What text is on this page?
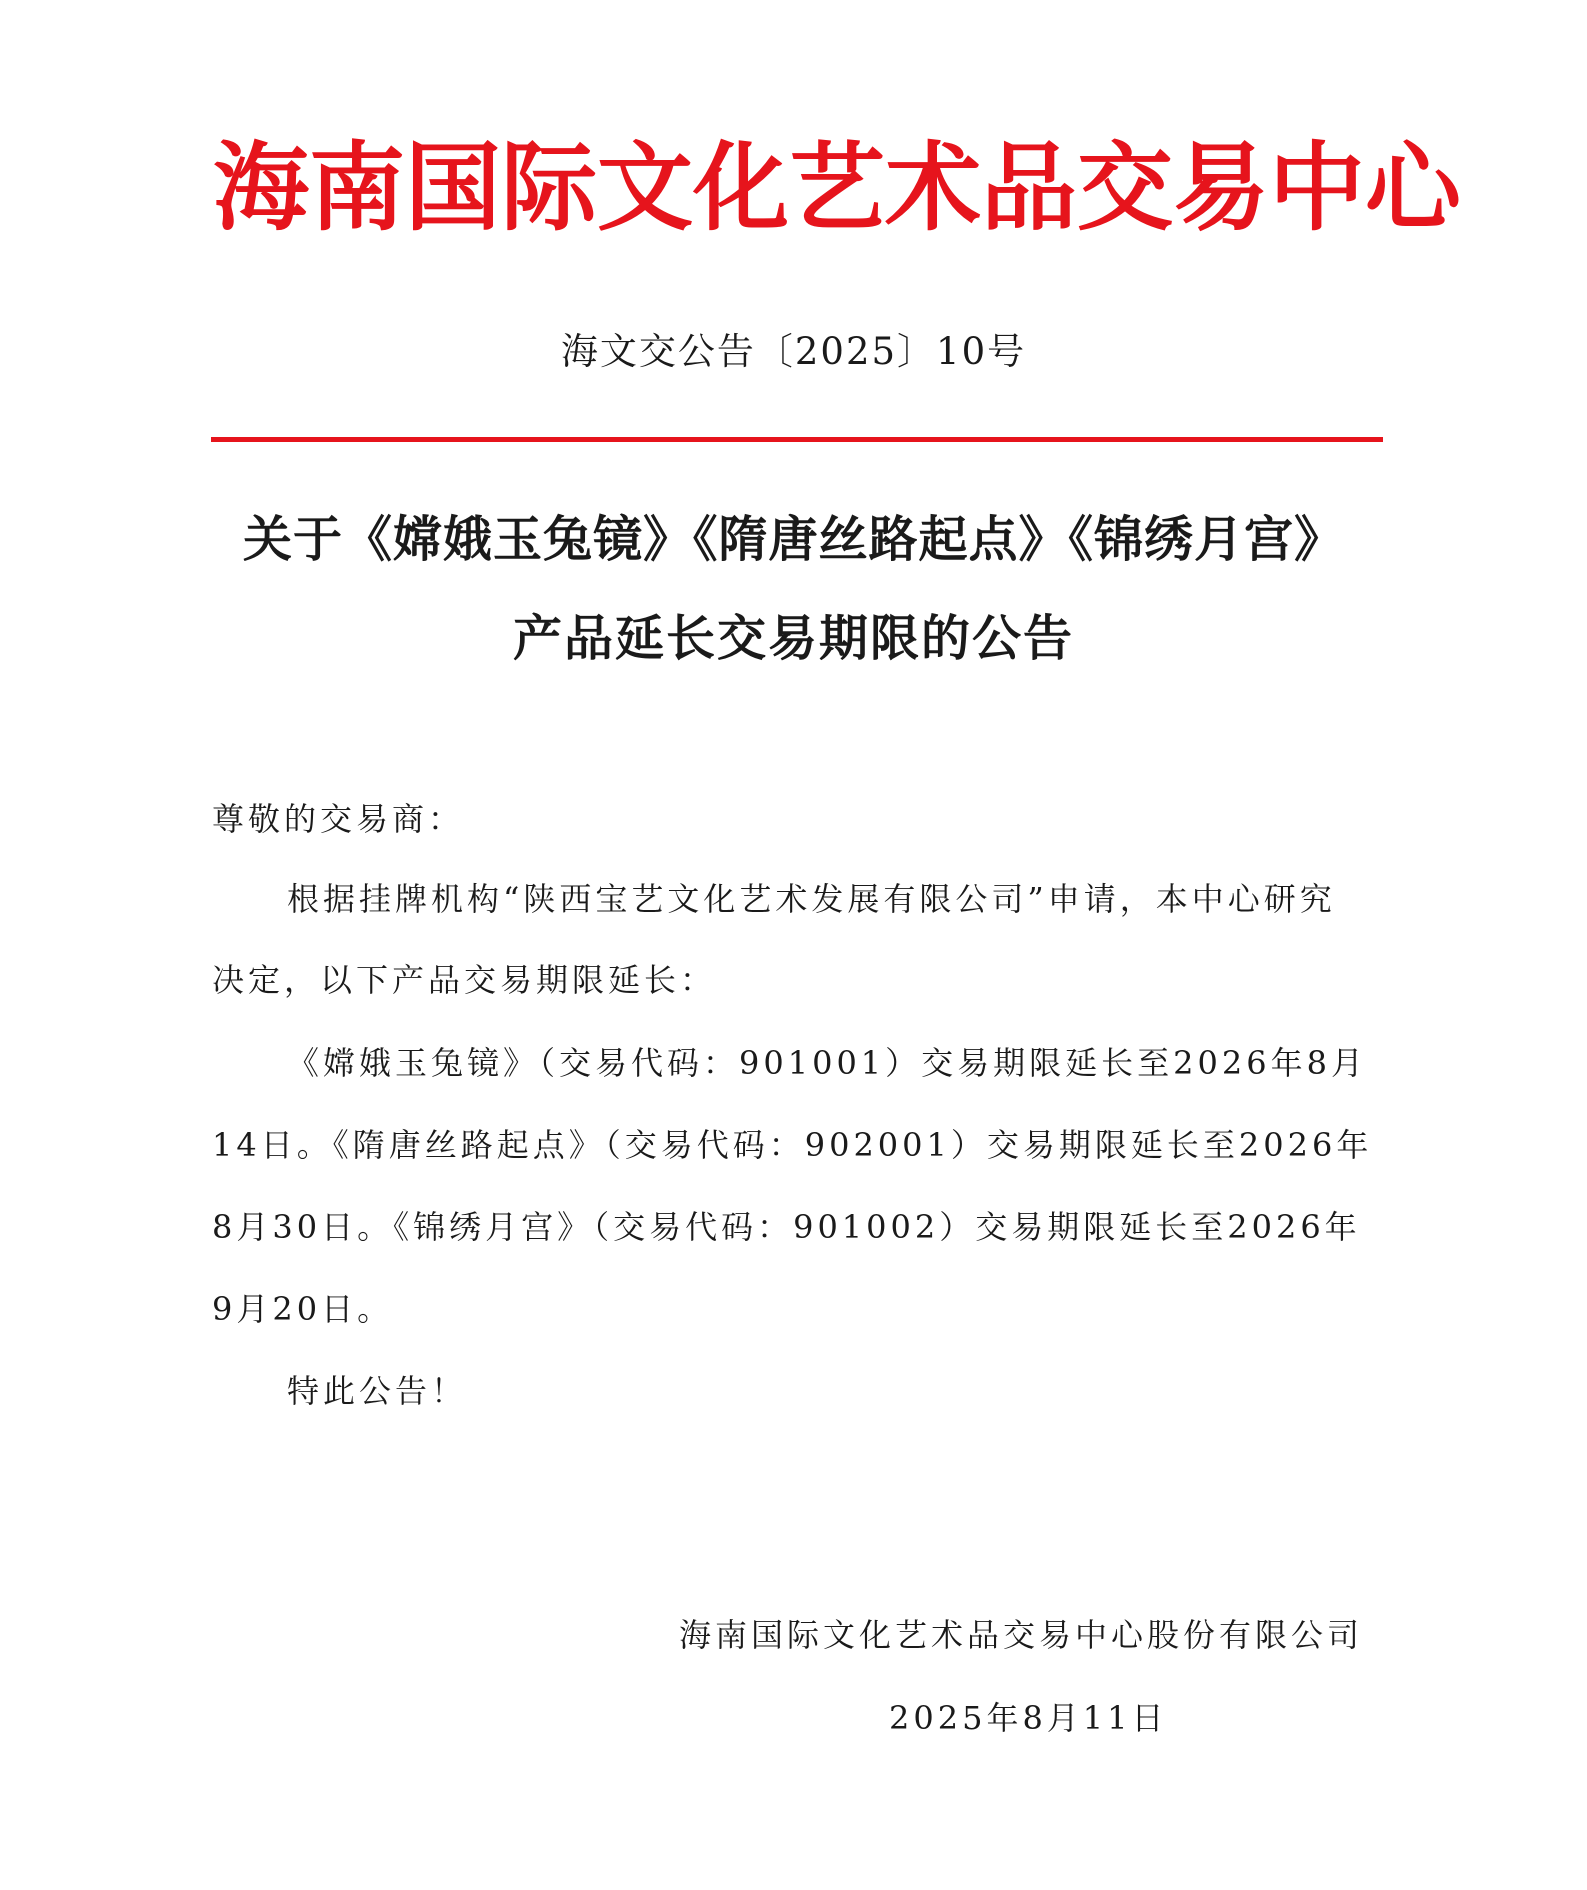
海 南 国 际 文 化 艺 术 品 交 易 中 心
海文交公告〔2025〕10号
关于《嫦娥玉兔镜》《隋唐丝路起点》《锦绣月宫》
产品延长交易期限的公告
尊敬的交易商：
根据挂牌机构“陕西宝艺文化艺术发展有限公司”申请，本中心研究
决定，以下产品交易期限延长：
《嫦娥玉兔镜》（交易代码：901001）交易期限延长至2026年8月
14日。《隋唐丝路起点》（交易代码：902001）交易期限延长至2026年
8月30日。《锦绣月宫》（交易代码：901002）交易期限延长至2026年
9月20日。
特此公告！
海南国际文化艺术品交易中心股份有限公司
2025年8月11日
